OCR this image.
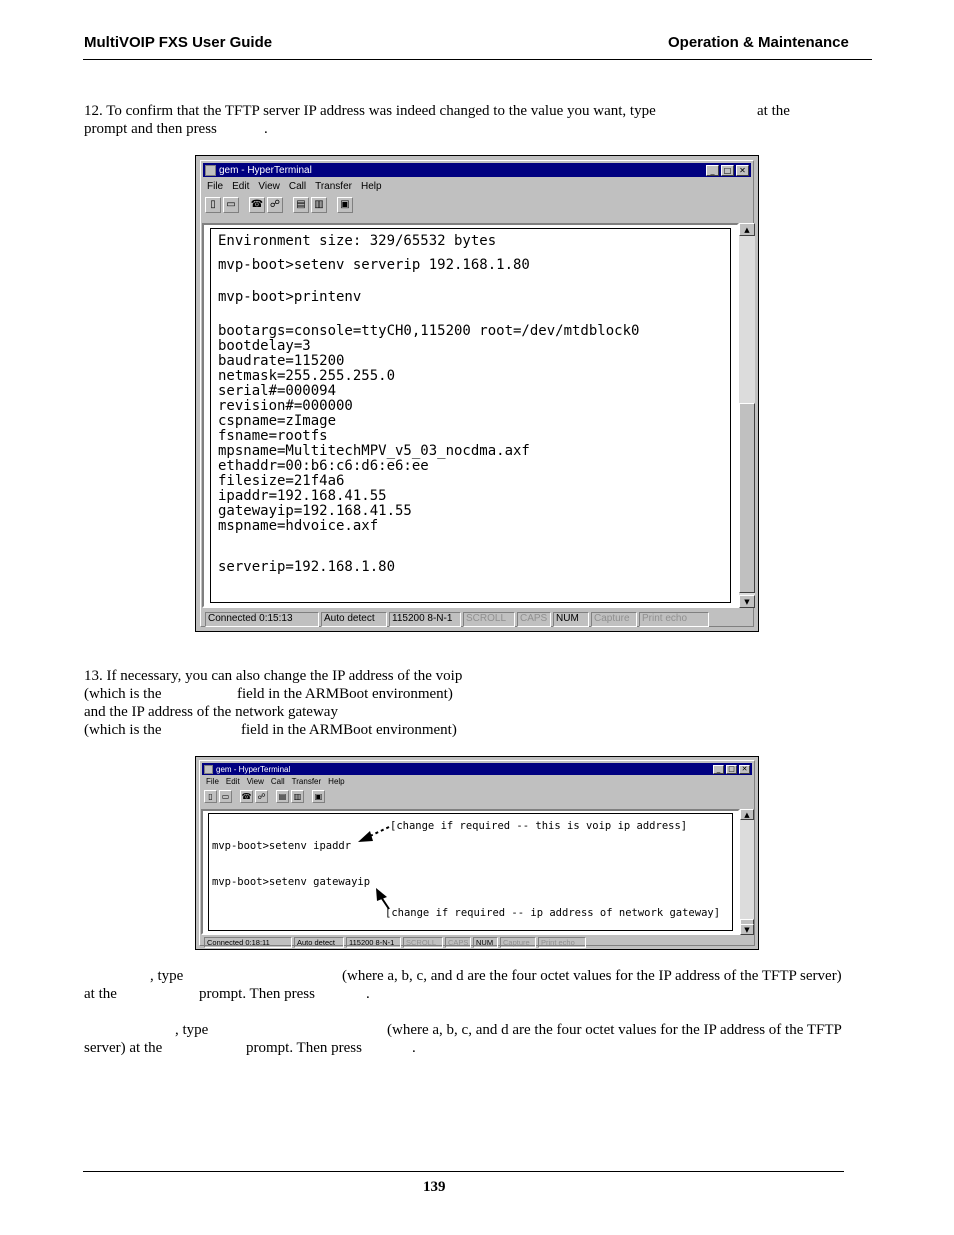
MultiVOIP FXS User Guide	Operation & Maintenance
12. To confirm that the TFTP server IP address was indeed changed to the value you want, type	at the
prompt and then press	.
gem - HyperTerminal	_	□ ✕
File Edit View Call Transfer Help
▯	▭	☎ ☍	▤ ▥	▣
▲
▼
Connected 0:15:13	Auto detect	115200 8-N-1	SCROLL	CAPS NUM	Capture	Print echo
Environment size: 329/65532 bytes
mvp-boot>setenv serverip 192.168.1.80
mvp-boot>printenv
bootargs=console=ttyCH0,115200 root=/dev/mtdblock0
bootdelay=3
baudrate=115200
netmask=255.255.255.0
serial#=000094
revision#=000000
cspname=zImage
fsname=rootfs
mpsname=MultitechMPV_v5_03_nocdma.axf
ethaddr=00:b6:c6:d6:e6:ee
filesize=21f4a6
ipaddr=192.168.41.55
gatewayip=192.168.41.55
mspname=hdvoice.axf
serverip=192.168.1.80
13. If necessary, you can also change the IP address of the voip
(which is the	field in the ARMBoot environment)
and the IP address of the network gateway
(which is the	field in the ARMBoot environment)
gem - HyperTerminal	_	□ ✕
File Edit View Call Transfer Help
▯	▭	☎ ☍	▤ ▥	▣
▲
▼
Connected 0:18:11	Auto detect	115200 8-N-1	SCROLL	CAPS	NUM	Capture	Print echo
mvp-boot>setenv ipaddr
mvp-boot>setenv gatewayip
[change if required -- this is voip ip address]
[change if required -- ip address of network gateway]
, type	(where a, b, c, and d are the four octet values for the IP address of the TFTP server)
at the	prompt. Then press	.
, type	(where a, b, c, and d are the four octet values for the IP address of the TFTP
server) at the	prompt. Then press	.
139
